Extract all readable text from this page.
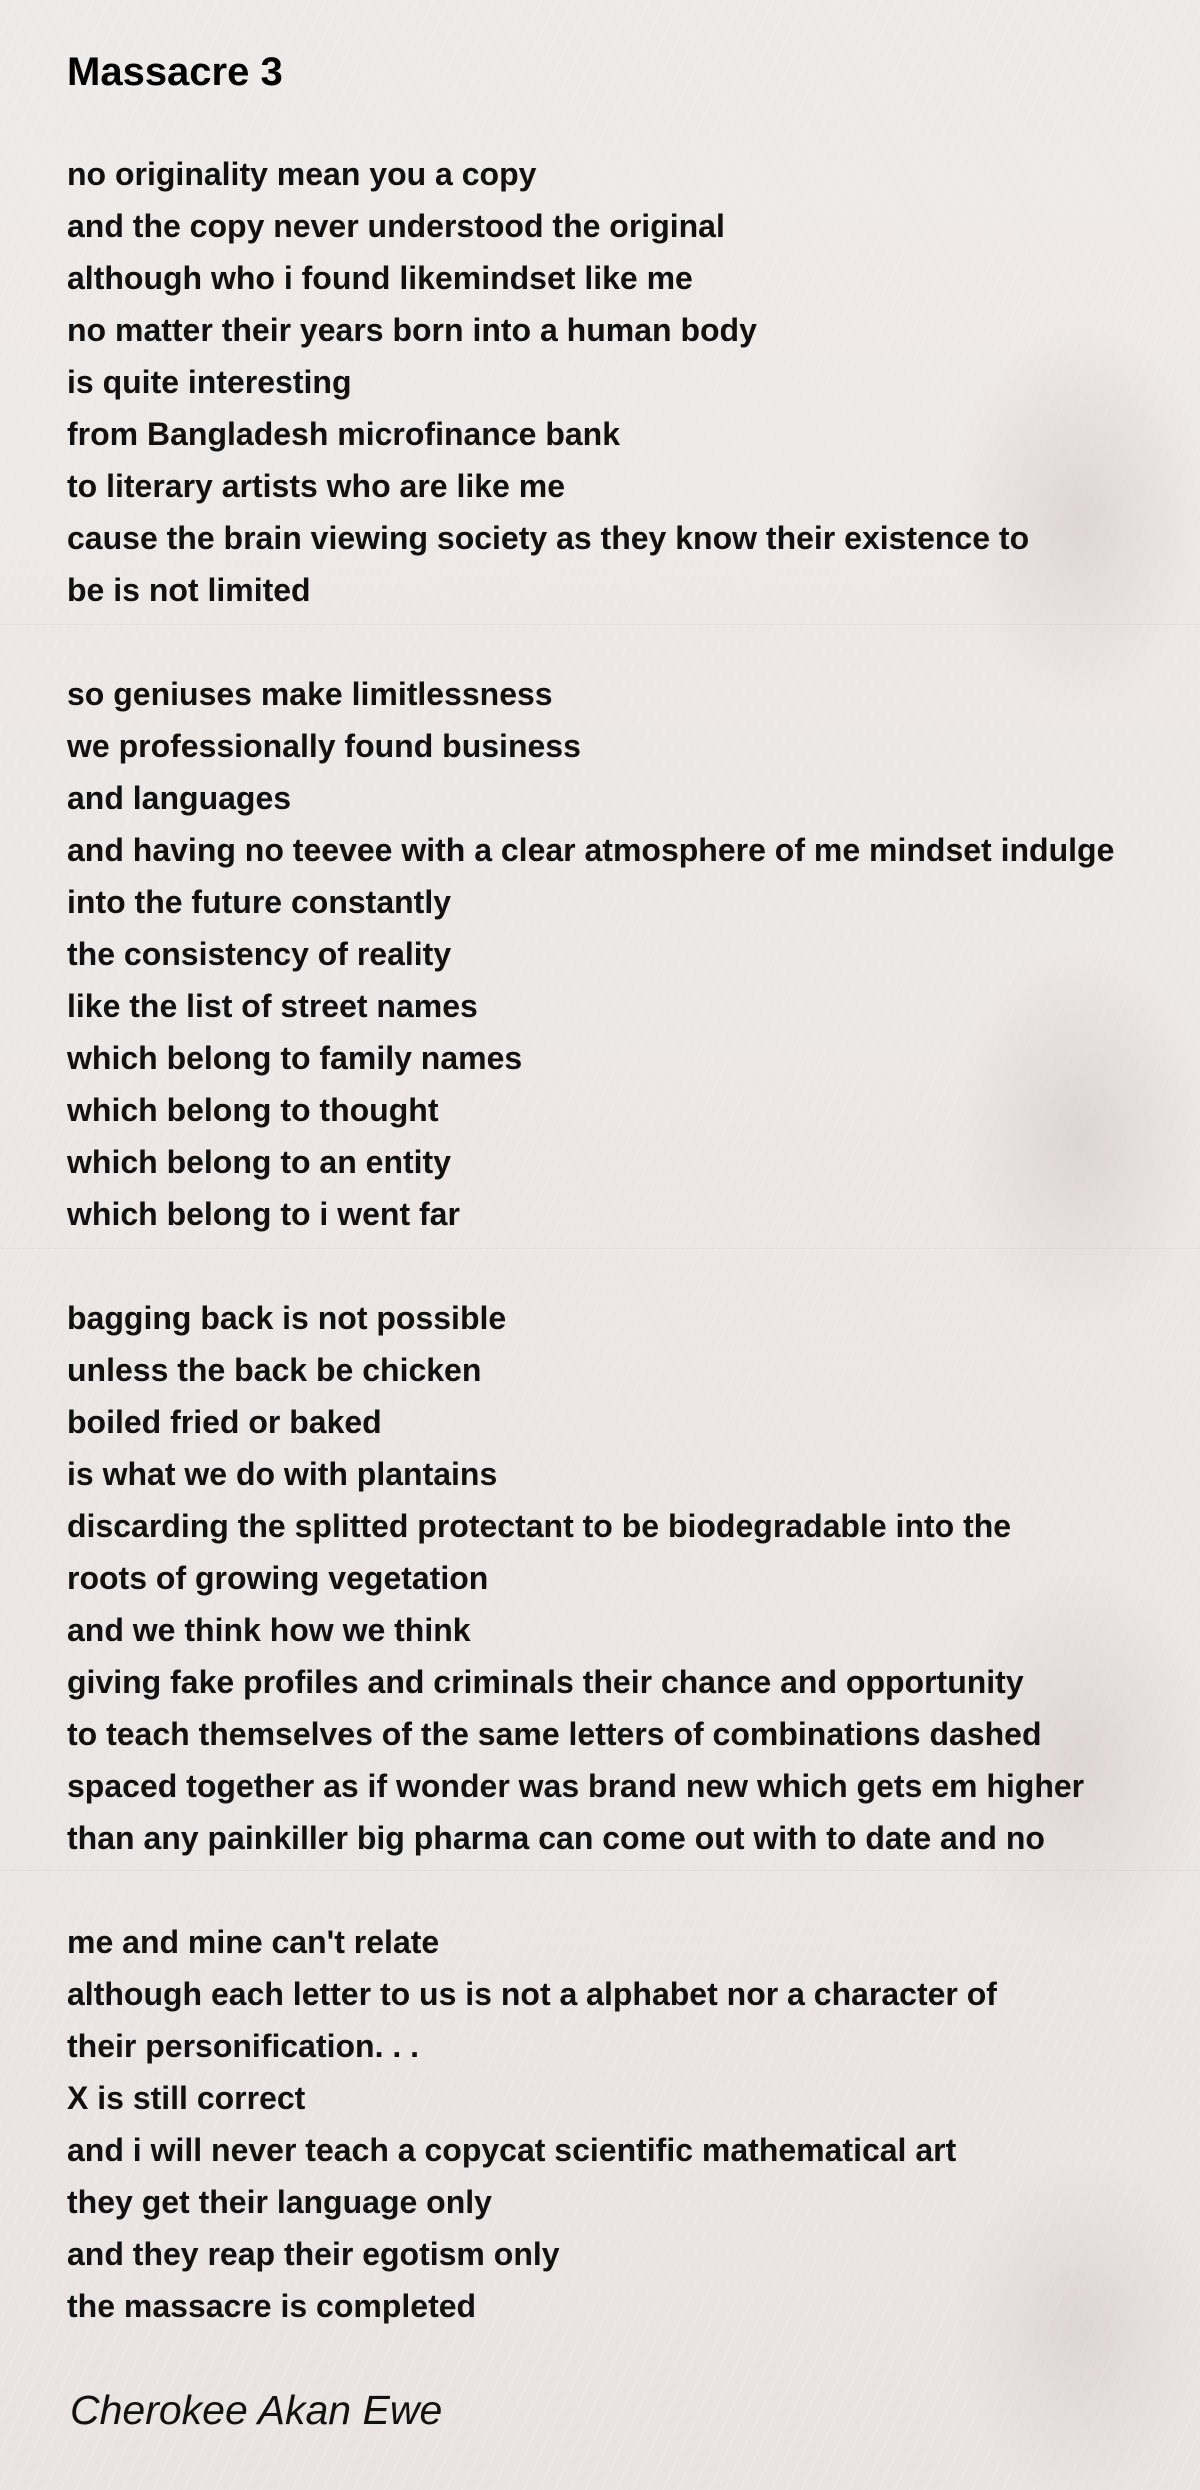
Massacre 3
no originality mean you a copy
and the copy never understood the original
although who i found likemindset like me
no matter their years born into a human body
is quite interesting
from Bangladesh microfinance bank
to literary artists who are like me
cause the brain viewing society as they know their existence to
be is not limited
so geniuses make limitlessness
we professionally found business
and languages
and having no teevee with a clear atmosphere of me mindset indulge
into the future constantly
the consistency of reality
like the list of street names
which belong to family names
which belong to thought
which belong to an entity
which belong to i went far
bagging back is not possible
unless the back be chicken
boiled fried or baked
is what we do with plantains
discarding the splitted protectant to be biodegradable into the
roots of growing vegetation
and we think how we think
giving fake profiles and criminals their chance and opportunity
to teach themselves of the same letters of combinations dashed
spaced together as if wonder was brand new which gets em higher
than any painkiller big pharma can come out with to date and no
me and mine can't relate
although each letter to us is not a alphabet nor a character of
their personification. . .
X is still correct
and i will never teach a copycat scientific mathematical art
they get their language only
and they reap their egotism only
the massacre is completed
Cherokee Akan Ewe
